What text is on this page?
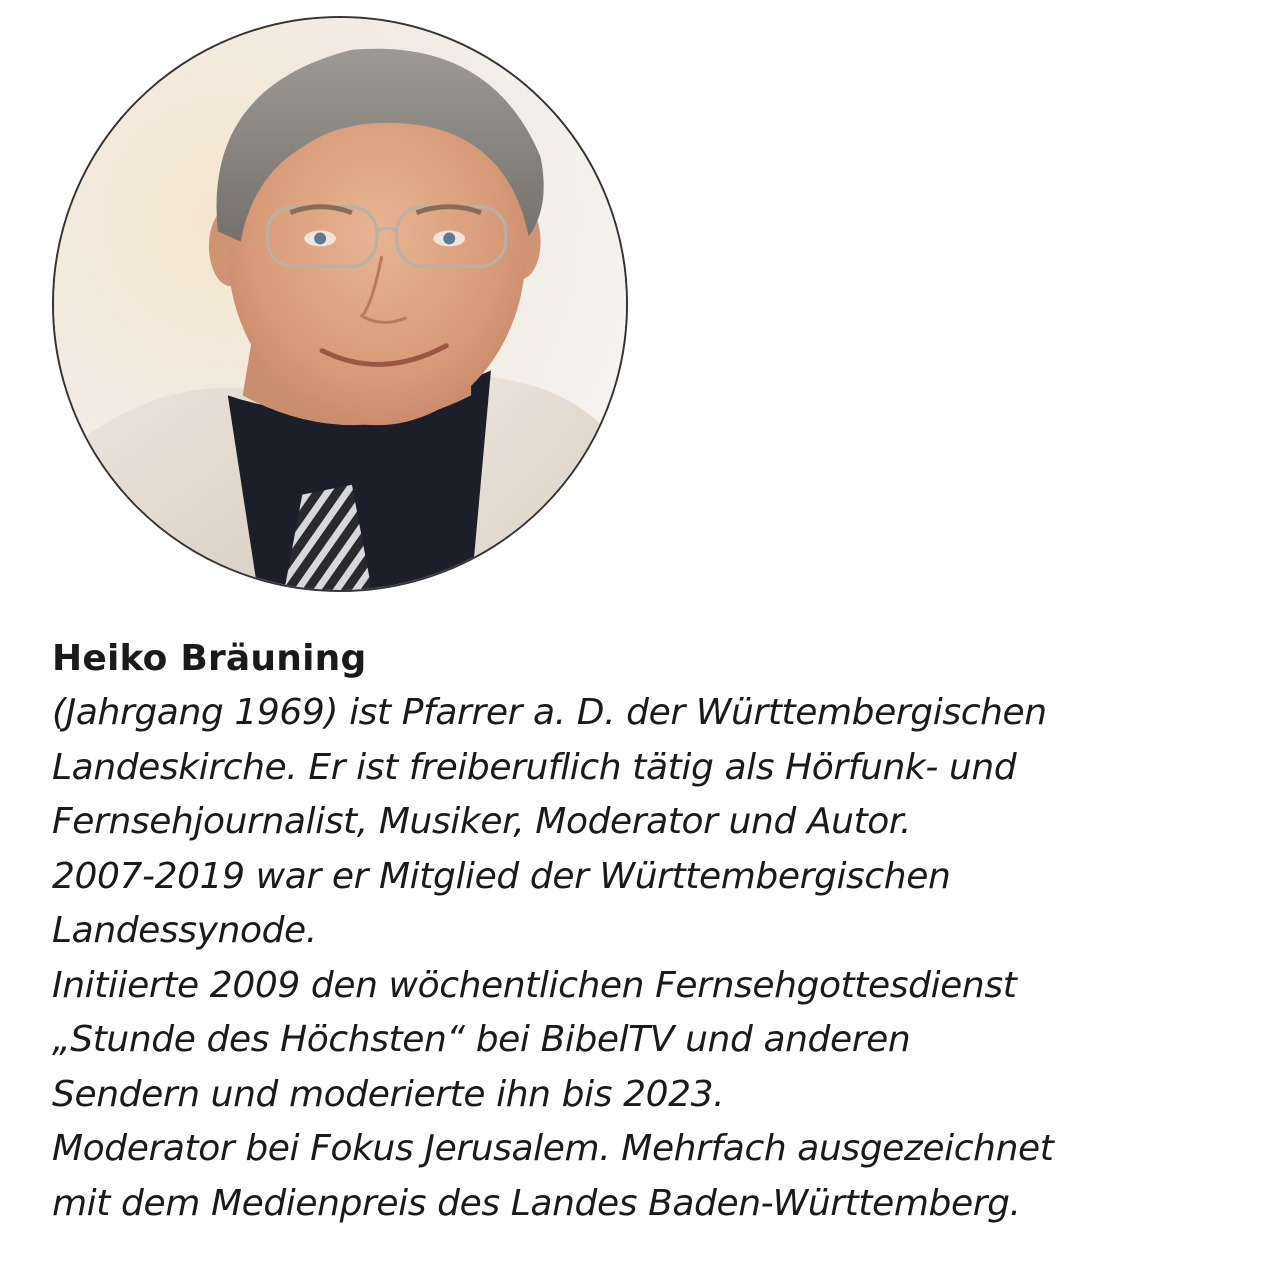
Heiko Bräuning

(Jahrgang 1969) ist Pfarrer a. D. der Württembergischen

Landeskirche. Er ist freiberuflich tätig als Hörfunk- und

Fernsehjournalist, Musiker, Moderator und Autor.

2007-2019 war er Mitglied der Württembergischen

Landessynode.

Initiierte 2009 den wöchentlichen Fernsehgottesdienst

„Stunde des Höchsten“ bei BibelTV und anderen

Sendern und moderierte ihn bis 2023.

Moderator bei Fokus Jerusalem. Mehrfach ausgezeichnet

mit dem Medienpreis des Landes Baden-Württemberg.
